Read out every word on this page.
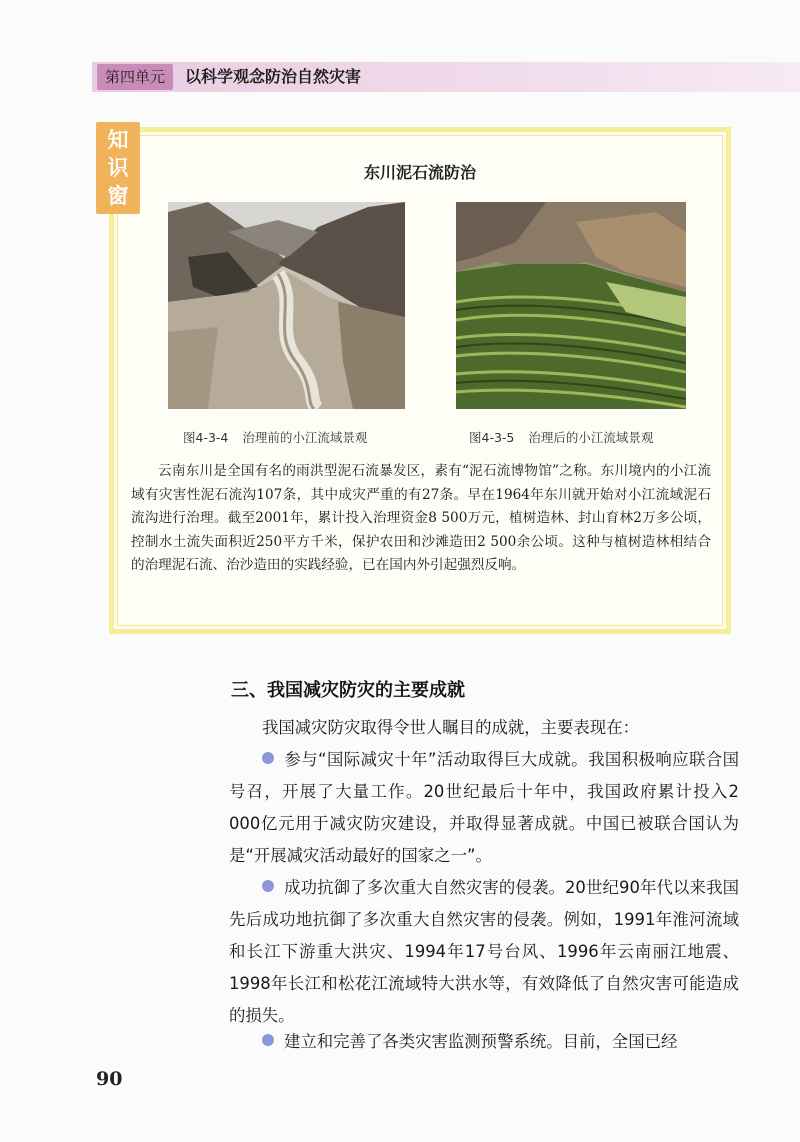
第四单元	以科学观念防治自然灾害
知
识
窗
东川泥石流防治
图4-3-4 治理前的小江流域景观	图4-3-5 治理后的小江流域景观
云南东川是全国有名的雨洪型泥石流暴发区，素有“泥石流博物馆”之称。东川境内的小江流域有灾害性泥石流沟107条，其中成灾严重的有27条。早在1964年东川就开始对小江流域泥石流沟进行治理。截至2001年，累计投入治理资金8 500万元，植树造林、封山育林2万多公顷，控制水土流失面积近250平方千米，保护农田和沙滩造田2 500余公顷。这种与植树造林相结合的治理泥石流、治沙造田的实践经验，已在国内外引起强烈反响。
三、我国减灾防灾的主要成就
我国减灾防灾取得令世人瞩目的成就，主要表现在：

参与“国际减灾十年”活动取得巨大成就。我国积极响应联合国号召，开展了大量工作。20世纪最后十年中，我国政府累计投入2 000亿元用于减灾防灾建设，并取得显著成就。中国已被联合国认为是“开展减灾活动最好的国家之一”。

成功抗御了多次重大自然灾害的侵袭。20世纪90年代以来我国先后成功地抗御了多次重大自然灾害的侵袭。例如，1991年淮河流域和长江下游重大洪灾、1994年17号台风、1996年云南丽江地震、1998年长江和松花江流域特大洪水等，有效降低了自然灾害可能造成的损失。

建立和完善了各类灾害监测预警系统。目前，全国已经

90
